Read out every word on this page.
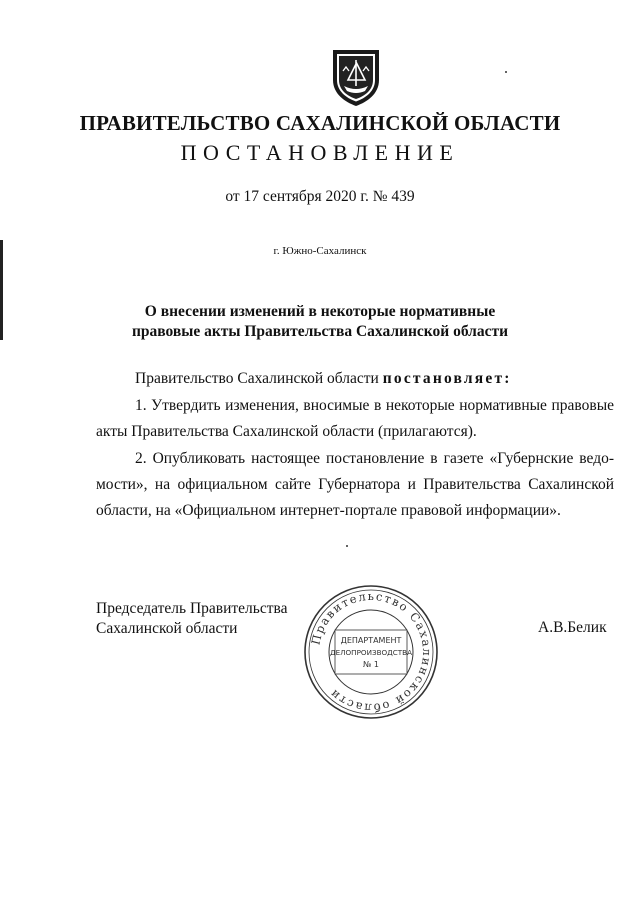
ПРАВИТЕЛЬСТВО САХАЛИНСКОЙ ОБЛАСТИ
ПОСТАНОВЛЕНИЕ
от 17 сентября 2020 г. № 439
г. Южно-Сахалинск
О внесении изменений в некоторые нормативные
правовые акты Правительства Сахалинской области
Правительство Сахалинской области постановляет:
1. Утвердить изменения, вносимые в некоторые нормативные правовые
акты Правительства Сахалинской области (прилагаются).
2. Опубликовать настоящее постановление в газете «Губернские ведо-
мости», на официальном сайте Губернатора и Правительства Сахалинской
области, на «Официальном интернет-портале правовой информации».
Председатель Правительства
Сахалинской области	А.В.Белик
Правительство Сахалинской области
ДЕПАРТАМЕНТ
ДЕЛОПРОИЗВОДСТВА
№ 1
